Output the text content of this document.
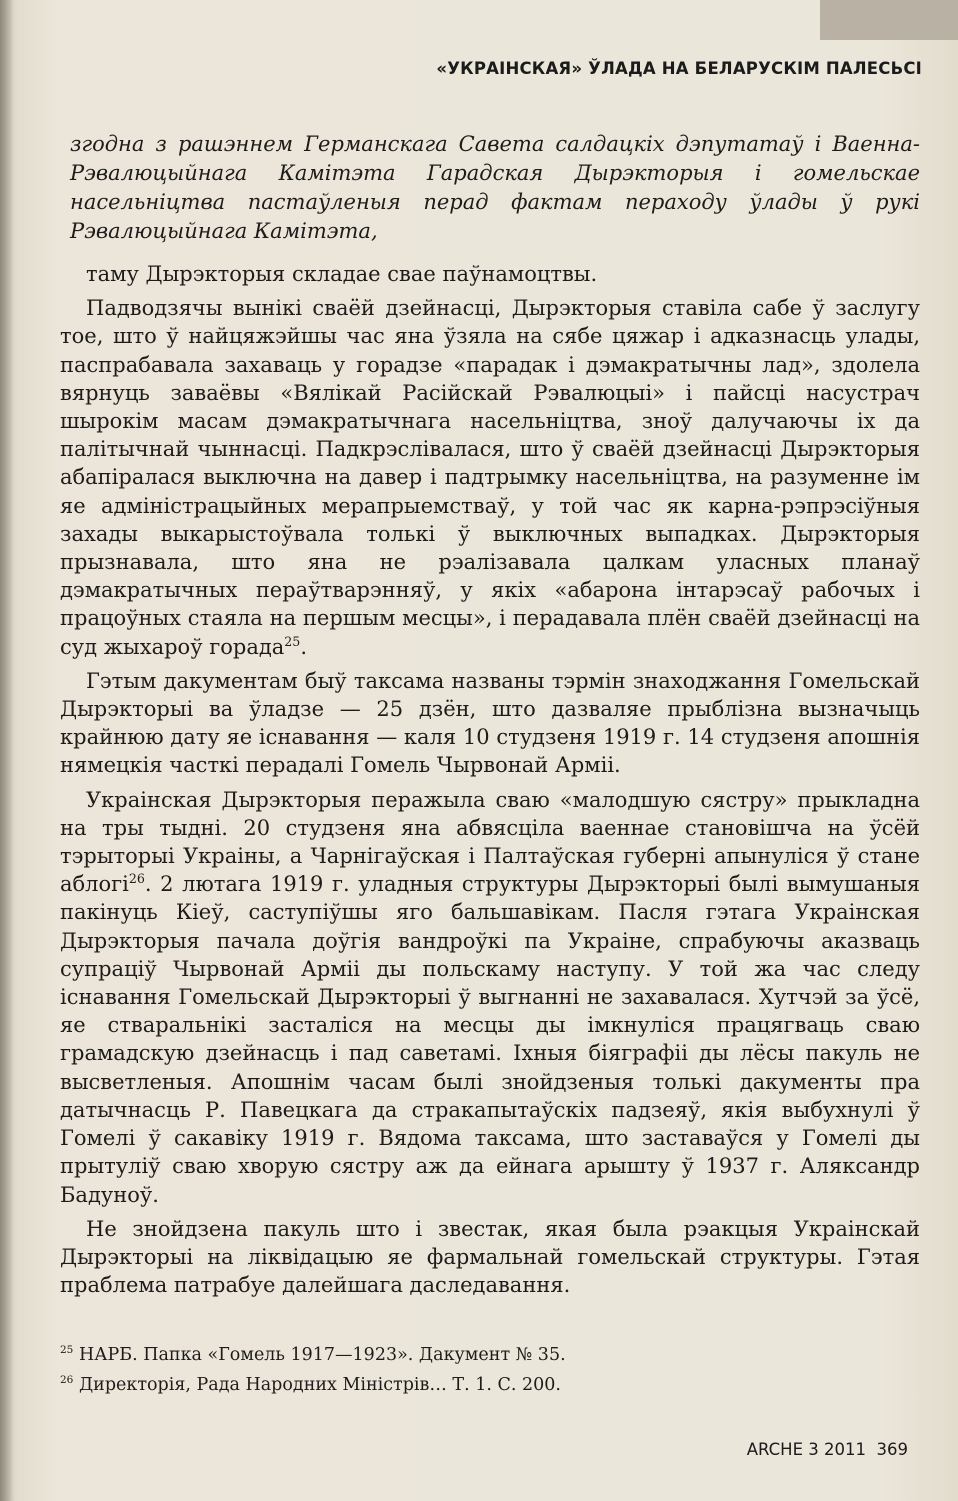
«УКРАІНСКАЯ» ЎЛАДА НА БЕЛАРУСКІМ ПАЛЕСЬСІ

згодна з рашэннем Германскага Савета салдацкіх дэпутатаў і Ваенна-Рэвалюцыйнага Камітэта Гарадская Дырэкторыя і гомельскае насельніцтва пастаўленыя перад фактам пераходу ўлады ў рукі Рэвалюцыйнага Камітэта,

таму Дырэкторыя складае свае паўнамоцтвы.

Падводзячы вынікі сваёй дзейнасці, Дырэкторыя ставіла сабе ў заслугу тое, што ў найцяжэйшы час яна ўзяла на сябе цяжар і адказнасць улады, паспрабавала захаваць у горадзе «парадак і дэмакратычны лад», здолела вярнуць заваёвы «Вялікай Расійскай Рэвалюцыі» і пайсці насустрач шырокім масам дэмакратычнага насельніцтва, зноў далучаючы іх да палітычнай чыннасці. Падкрэслівалася, што ў сваёй дзейнасці Дырэкторыя абапіралася выключна на давер і падтрымку насельніцтва, на разуменне ім яе адміністрацыйных мерапрыемстваў, у той час як карна-рэпрэсіўныя захады выкарыстоўвала толькі ў выключных выпадках. Дырэкторыя прызнавала, што яна не рэалізавала цалкам уласных планаў дэмакратычных пераўтварэнняў, у якіх «абарона інтарэсаў рабочых і працоўных стаяла на першым месцы», і перадавала плён сваёй дзейнасці на суд жыхароў горада$^{25}$.

Гэтым дакументам быў таксама названы тэрмін знаходжання Гомельскай Дырэкторыі ва ўладзе — 25 дзён, што дазваляе прыблізна вызначыць крайнюю дату яе існавання — каля 10 студзеня 1919 г. 14 студзеня апошнія нямецкія часткі перадалі Гомель Чырвонай Арміі.

Украінская Дырэкторыя перажыла сваю «малодшую сястру» прыкладна на тры тыдні. 20 студзеня яна абвясціла ваеннае становішча на ўсёй тэрыторыі Украіны, а Чарнігаўская і Палтаўская губерні апынуліся ў стане аблогі$^{26}$. 2 лютага 1919 г. уладныя структуры Дырэкторыі былі вымушаныя пакінуць Кіеў, саступіўшы яго бальшавікам. Пасля гэтага Украінская Дырэкторыя пачала доўгія вандроўкі па Украіне, спрабуючы аказваць супраціў Чырвонай Арміі ды польскаму наступу. У той жа час следу існавання Гомельскай Дырэкторыі ў выгнанні не захавалася. Хутчэй за ўсё, яе стваральнікі засталіся на месцы ды імкнуліся працягваць сваю грамадскую дзейнасць і пад саветамі. Іхныя біяграфіі ды лёсы пакуль не высветленыя. Апошнім часам былі знойдзеныя толькі дакументы пра датычнасць Р. Павецкага да стракапытаўскіх падзеяў, якія выбухнулі ў Гомелі ў сакавіку 1919 г. Вядома таксама, што заставаўся у Гомелі ды прытуліў сваю хворую сястру аж да ейнага арышту ў 1937 г. Аляксандр Бадуноў.

Не знойдзена пакуль што і звестак, якая была рэакцыя Украінскай Дырэкторыі на ліквідацыю яе фармальнай гомельскай структуры. Гэтая праблема патрабуе далейшага даследавання.

$^{25}$ НАРБ. Папка «Гомель 1917—1923». Дакумент № 35.

$^{26}$ Директорія, Рада Народних Міністрів… Т. 1. С. 200.

ARCHE 3 2011 369
